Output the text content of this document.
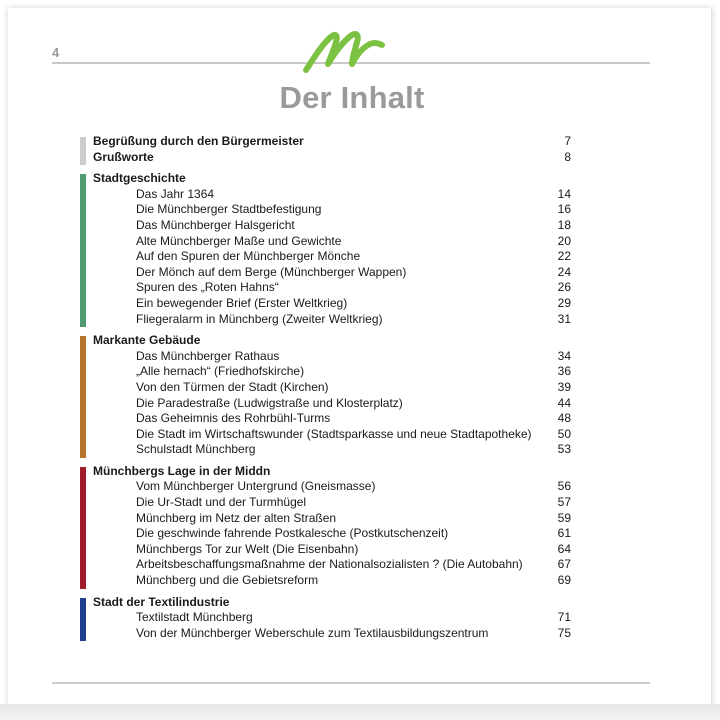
4
Der Inhalt
Begrüßung durch den Bürgermeister	7
Grußworte	8
Stadtgeschichte
Das Jahr 1364	14
Die Münchberger Stadtbefestigung	16
Das Münchberger Halsgericht	18
Alte Münchberger Maße und Gewichte	20
Auf den Spuren der Münchberger Mönche	22
Der Mönch auf dem Berge (Münchberger Wappen)	24
Spuren des „Roten Hahns“	26
Ein bewegender Brief (Erster Weltkrieg)	29
Fliegeralarm in Münchberg (Zweiter Weltkrieg)	31
Markante Gebäude
Das Münchberger Rathaus	34
„Alle hernach“ (Friedhofskirche)	36
Von den Türmen der Stadt (Kirchen)	39
Die Paradestraße (Ludwigstraße und Klosterplatz)	44
Das Geheimnis des Rohrbühl-Turms	48
Die Stadt im Wirtschaftswunder (Stadtsparkasse und neue Stadtapotheke) 50
Schulstadt Münchberg	53
Münchbergs Lage in der Middn
Vom Münchberger Untergrund (Gneismasse)	56
Die Ur-Stadt und der Turmhügel	57
Münchberg im Netz der alten Straßen	59
Die geschwinde fahrende Postkalesche (Postkutschenzeit)	61
Münchbergs Tor zur Welt (Die Eisenbahn)	64
Arbeitsbeschaffungsmaßnahme der Nationalsozialisten ? (Die Autobahn)	67
Münchberg und die Gebietsreform	69
Stadt der Textilindustrie
Textilstadt Münchberg	71
Von der Münchberger Weberschule zum Textilausbildungszentrum	75
